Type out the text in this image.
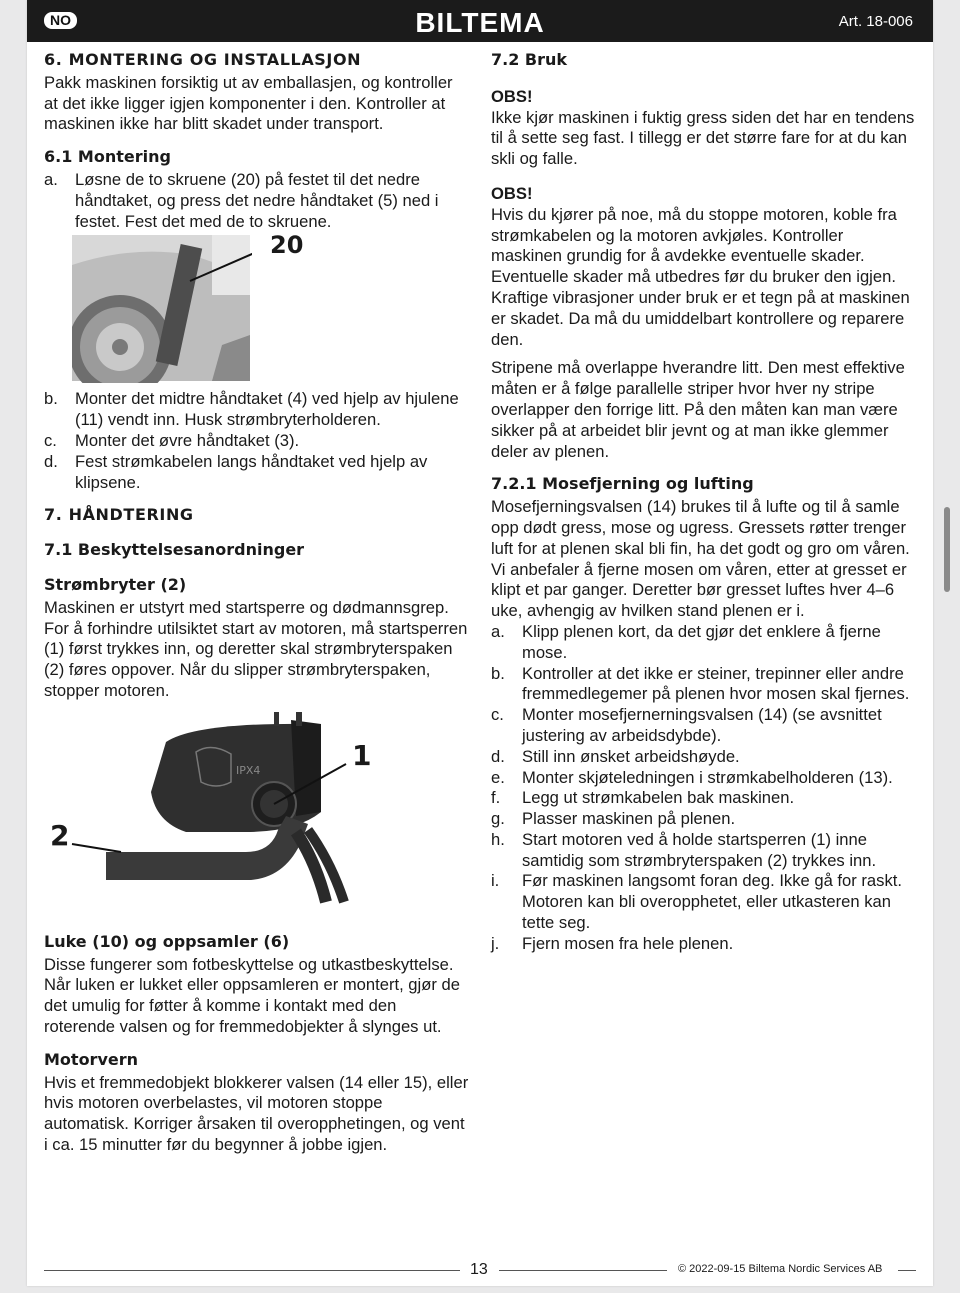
NO	BILTEMA	Art. 18-006
6. MONTERING OG INSTALLASJON

Pakk maskinen forsiktig ut av emballasjen, og kontroller at det ikke ligger igjen komponenter i den. Kontroller at maskinen ikke har blitt skadet under transport.

6.1 Montering
a.	Løsne de to skruene (20) på festet til det nedre håndtaket, og press det nedre håndtaket (5) ned i festet. Fest det med de to skruene.
20
b.	Monter det midtre håndtaket (4) ved hjelp av hjulene (11) vendt inn. Husk strømbryterholderen.
c.	Monter det øvre håndtaket (3).
d.	Fest strømkabelen langs håndtaket ved hjelp av klipsene.
7. HÅNDTERING
7.1 Beskyttelsesanordninger
Strømbryter (2)

Maskinen er utstyrt med startsperre og dødmannsgrep. For å forhindre utilsiktet start av motoren, må startsperren (1) først trykkes inn, og deretter skal strømbryterspaken (2) føres oppover. Når du slipper strømbryterspaken, stopper motoren.

IPX4	1
2
Luke (10) og oppsamler (6)

Disse fungerer som fotbeskyttelse og utkastbeskyttelse. Når luken er lukket eller oppsamleren er montert, gjør de det umulig for føtter å komme i kontakt med den roterende valsen og for fremmedobjekter å slynges ut.

Motorvern

Hvis et fremmedobjekt blokkerer valsen (14 eller 15), eller hvis motoren overbelastes, vil motoren stoppe automatisk. Korriger årsaken til overopphetingen, og vent i ca. 15 minutter før du begynner å jobbe igjen.

7.2 Bruk

OBS!

Ikke kjør maskinen i fuktig gress siden det har en tendens til å sette seg fast. I tillegg er det større fare for at du kan skli og falle.

OBS!

Hvis du kjører på noe, må du stoppe motoren, koble fra strømkabelen og la motoren avkjøles. Kontroller maskinen grundig for å avdekke eventuelle skader. Eventuelle skader må utbedres før du bruker den igjen.

Kraftige vibrasjoner under bruk er et tegn på at maskinen er skadet. Da må du umiddelbart kontrollere og reparere den.

Stripene må overlappe hverandre litt. Den mest effektive måten er å følge parallelle striper hvor hver ny stripe overlapper den forrige litt. På den måten kan man være sikker på at arbeidet blir jevnt og at man ikke glemmer deler av plenen.

7.2.1 Mosefjerning og lufting

Mosefjerningsvalsen (14) brukes til å lufte og til å samle opp dødt gress, mose og ugress. Gressets røtter trenger luft for at plenen skal bli fin, ha det godt og gro om våren. Vi anbefaler å fjerne mosen om våren, etter at gresset er klipt et par ganger. Deretter bør gresset luftes hver 4–6 uke, avhengig av hvilken stand plenen er i.

a.	Klipp plenen kort, da det gjør det enklere å fjerne mose.
b.	Kontroller at det ikke er steiner, trepinner eller andre fremmedlegemer på plenen hvor mosen skal fjernes.
c.	Monter mosefjernerningsvalsen (14) (se avsnittet justering av arbeidsdybde).
d.	Still inn ønsket arbeidshøyde.
e.	Monter skjøteledningen i strømkabelholderen (13).
f.	Legg ut strømkabelen bak maskinen.
g.	Plasser maskinen på plenen.
h.	Start motoren ved å holde startsperren (1) inne samtidig som strømbryterspaken (2) trykkes inn.
i.	Før maskinen langsomt foran deg. Ikke gå for raskt. Motoren kan bli overopphetet, eller utkasteren kan tette seg.
j.	Fjern mosen fra hele plenen.
13	© 2022-09-15 Biltema Nordic Services AB
